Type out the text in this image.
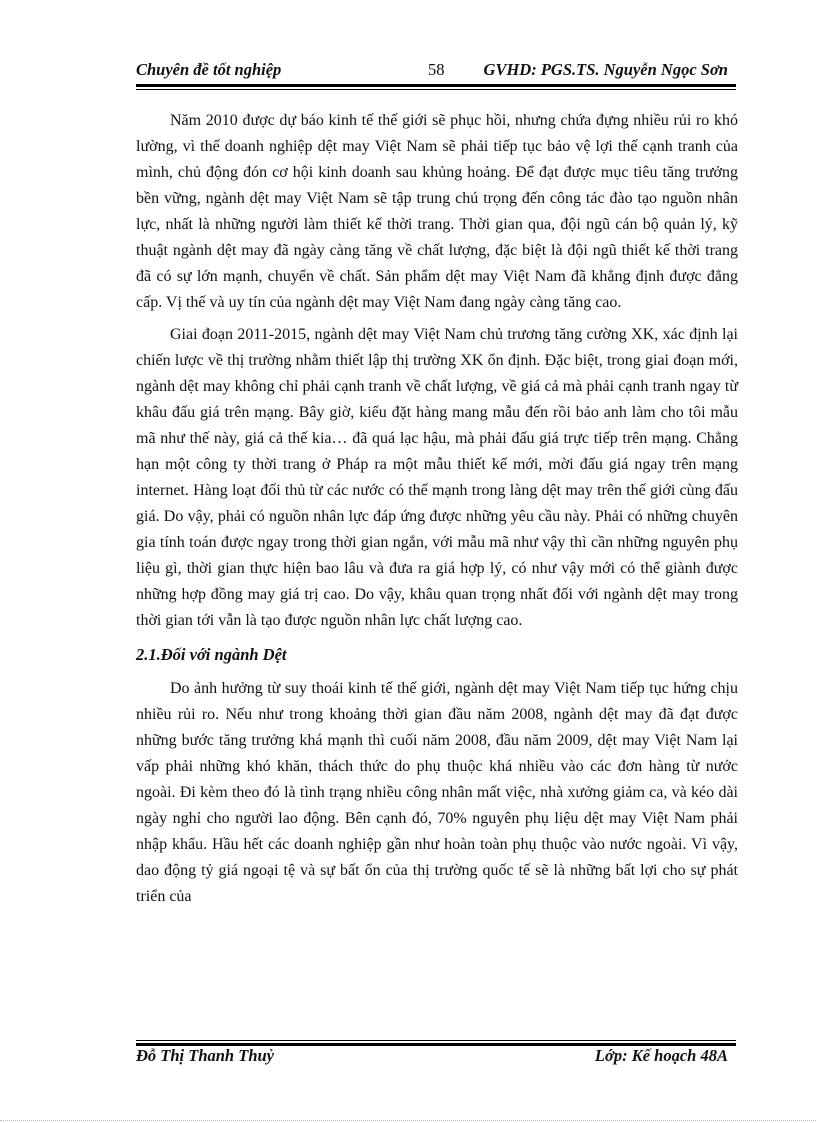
Chuyên đề tốt nghiệp	58 GVHD: PGS.TS. Nguyễn Ngọc Sơn

Năm 2010 được dự báo kinh tế thế giới sẽ phục hồi, nhưng chứa đựng nhiều rủi ro khó lường, vì thế doanh nghiệp dệt may Việt Nam sẽ phải tiếp tục bảo vệ lợi thế cạnh tranh của mình, chủ động đón cơ hội kinh doanh sau khủng hoảng. Để đạt được mục tiêu tăng trưởng bền vững, ngành dệt may Việt Nam sẽ tập trung chú trọng đến công tác đào tạo nguồn nhân lực, nhất là những người làm thiết kế thời trang. Thời gian qua, đội ngũ cán bộ quản lý, kỹ thuật ngành dệt may đã ngày càng tăng về chất lượng, đặc biệt là đội ngũ thiết kế thời trang đã có sự lớn mạnh, chuyển về chất. Sản phẩm dệt may Việt Nam đã khẳng định được đẳng cấp. Vị thế và uy tín của ngành dệt may Việt Nam đang ngày càng tăng cao.

Giai đoạn 2011-2015, ngành dệt may Việt Nam chủ trương tăng cường XK, xác định lại chiến lược về thị trường nhằm thiết lập thị trường XK ổn định. Đặc biệt, trong giai đoạn mới, ngành dệt may không chỉ phải cạnh tranh về chất lượng, về giá cả mà phải cạnh tranh ngay từ khâu đấu giá trên mạng. Bây giờ, kiểu đặt hàng mang mẫu đến rồi bảo anh làm cho tôi mẫu mã như thế này, giá cả thế kia… đã quá lạc hậu, mà phải đấu giá trực tiếp trên mạng. Chẳng hạn một công ty thời trang ở Pháp ra một mẫu thiết kế mới, mời đấu giá ngay trên mạng internet. Hàng loạt đối thủ từ các nước có thế mạnh trong làng dệt may trên thế giới cùng đấu giá. Do vậy, phải có nguồn nhân lực đáp ứng được những yêu cầu này. Phải có những chuyên gia tính toán được ngay trong thời gian ngắn, với mẫu mã như vậy thì cần những nguyên phụ liệu gì, thời gian thực hiện bao lâu và đưa ra giá hợp lý, có như vậy mới có thể giành được những hợp đồng may giá trị cao. Do vậy, khâu quan trọng nhất đối với ngành dệt may trong thời gian tới vẫn là tạo được nguồn nhân lực chất lượng cao.

2.1.Đối với ngành Dệt

Do ảnh hưởng từ suy thoái kinh tế thế giới, ngành dệt may Việt Nam tiếp tục hứng chịu nhiều rủi ro. Nếu như trong khoảng thời gian đầu năm 2008, ngành dệt may đã đạt được những bước tăng trưởng khá mạnh thì cuối năm 2008, đầu năm 2009, dệt may Việt Nam lại vấp phải những khó khăn, thách thức do phụ thuộc khá nhiều vào các đơn hàng từ nước ngoài. Đi kèm theo đó là tình trạng nhiều công nhân mất việc, nhà xưởng giảm ca, và kéo dài ngày nghỉ cho người lao động. Bên cạnh đó, 70% nguyên phụ liệu dệt may Việt Nam phải nhập khẩu. Hầu hết các doanh nghiệp gần như hoàn toàn phụ thuộc vào nước ngoài. Vì vậy, dao động tỷ giá ngoại tệ và sự bất ổn của thị trường quốc tế sẽ là những bất lợi cho sự phát triển của

Đỗ Thị Thanh Thuỷ	Lớp: Kế hoạch 48A
